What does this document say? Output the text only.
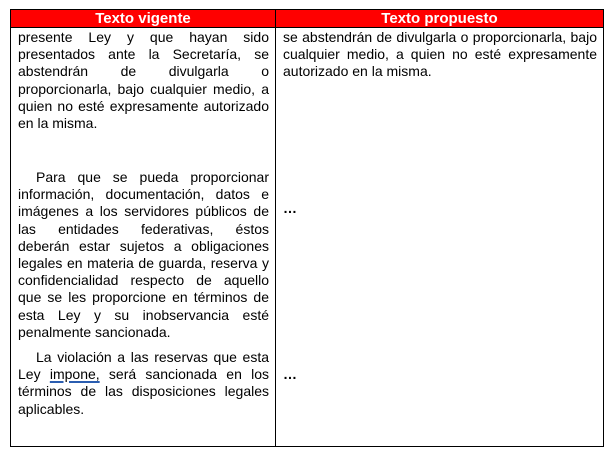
Texto vigente	Texto propuesto

presente Ley y que hayan sido presentados ante la Secretaría, se abstendrán de divulgarla o proporcionarla, bajo cualquier medio, a quien no esté expresamente autorizado en la misma.

Para que se pueda proporcionar información, documentación, datos e imágenes a los servidores públicos de las entidades federativas, éstos deberán estar sujetos a obligaciones legales en materia de guarda, reserva y confidencialidad respecto de aquello que se les proporcione en términos de esta Ley y su inobservancia esté penalmente sancionada.

La violación a las reservas que esta Ley impone, será sancionada en los términos de las disposiciones legales aplicables.

se abstendrán de divulgarla o proporcionarla, bajo cualquier medio, a quien no esté expresamente autorizado en la misma.

…
…
